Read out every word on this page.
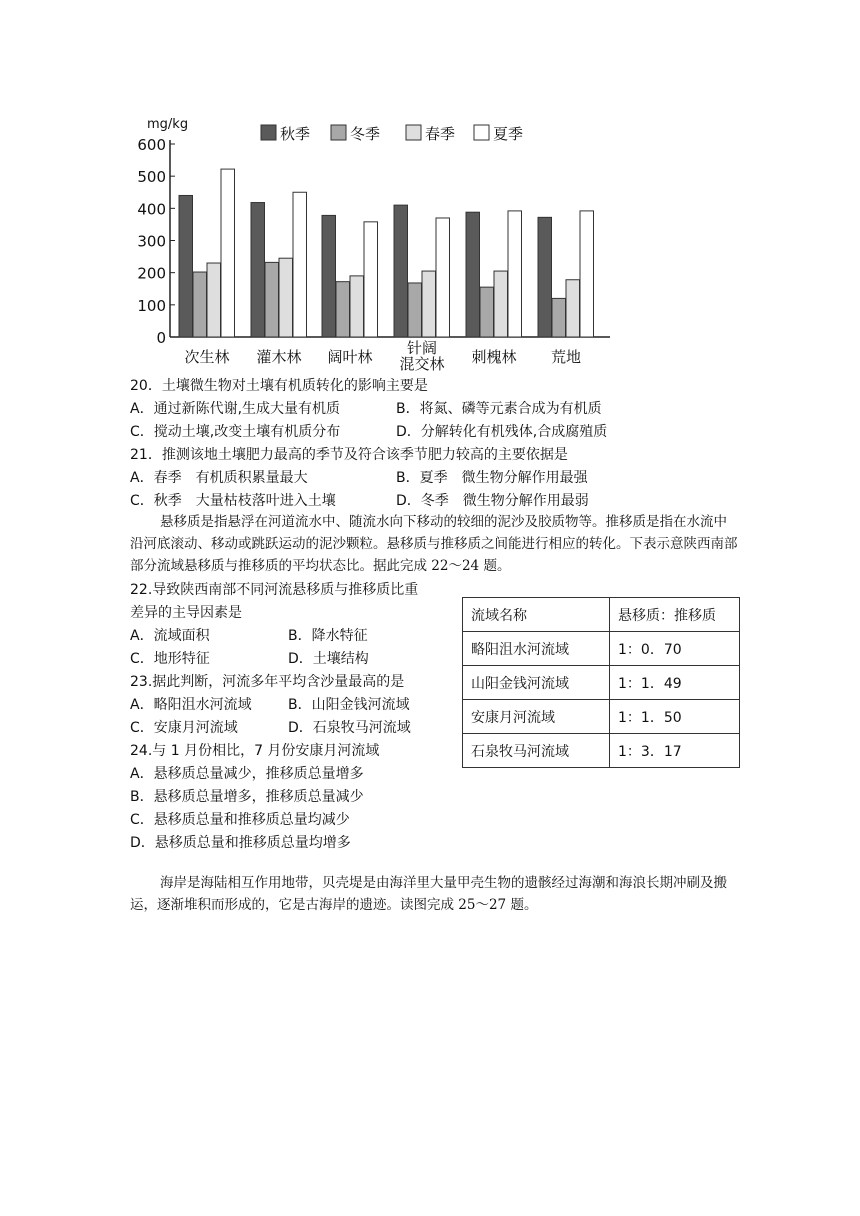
0
100
200
300
400
500
600
mg/kg
秋季	冬季	春季	夏季
次生林 灌木林 阔叶林	针阔混交林 刺槐林 荒地
20．土壤微生物对土壤有机质转化的影响主要是
A．通过新陈代谢,生成大量有机质	B．将氮、磷等元素合成为有机质
C．搅动土壤,改变土壤有机质分布	D．分解转化有机残体,合成腐殖质
21．推测该地土壤肥力最高的季节及符合该季节肥力较高的主要依据是
A．春季　有机质积累量最大	B．夏季　微生物分解作用最强
C．秋季　大量枯枝落叶进入土壤	D．冬季　微生物分解作用最弱
悬移质是指悬浮在河道流水中、随流水向下移动的较细的泥沙及胶质物等。推移质是指在水流中沿河底滚动、移动或跳跃运动的泥沙颗粒。悬移质与推移质之间能进行相应的转化。下表示意陕西南部部分流域悬移质与推移质的平均状态比。据此完成 22～24 题。
22.导致陕西南部不同河流悬移质与推移质比重
差异的主导因素是
A．流域面积	B．降水特征
C．地形特征	D．土壤结构
23.据此判断，河流多年平均含沙量最高的是
A．略阳沮水河流域	B．山阳金钱河流域
C．安康月河流域	D．石泉牧马河流域
24.与 1 月份相比，7 月份安康月河流域
A．悬移质总量减少，推移质总量增多
B．悬移质总量增多，推移质总量减少
C．悬移质总量和推移质总量均减少
D．悬移质总量和推移质总量均增多
流域名称	悬移质：推移质
略阳沮水河流域	1：0．70
山阳金钱河流域	1：1．49
安康月河流域	1：1．50
石泉牧马河流域	1：3．17
海岸是海陆相互作用地带，贝壳堤是由海洋里大量甲壳生物的遗骸经过海潮和海浪长期冲刷及搬运，逐渐堆积而形成的，它是古海岸的遗迹。读图完成 25～27 题。
